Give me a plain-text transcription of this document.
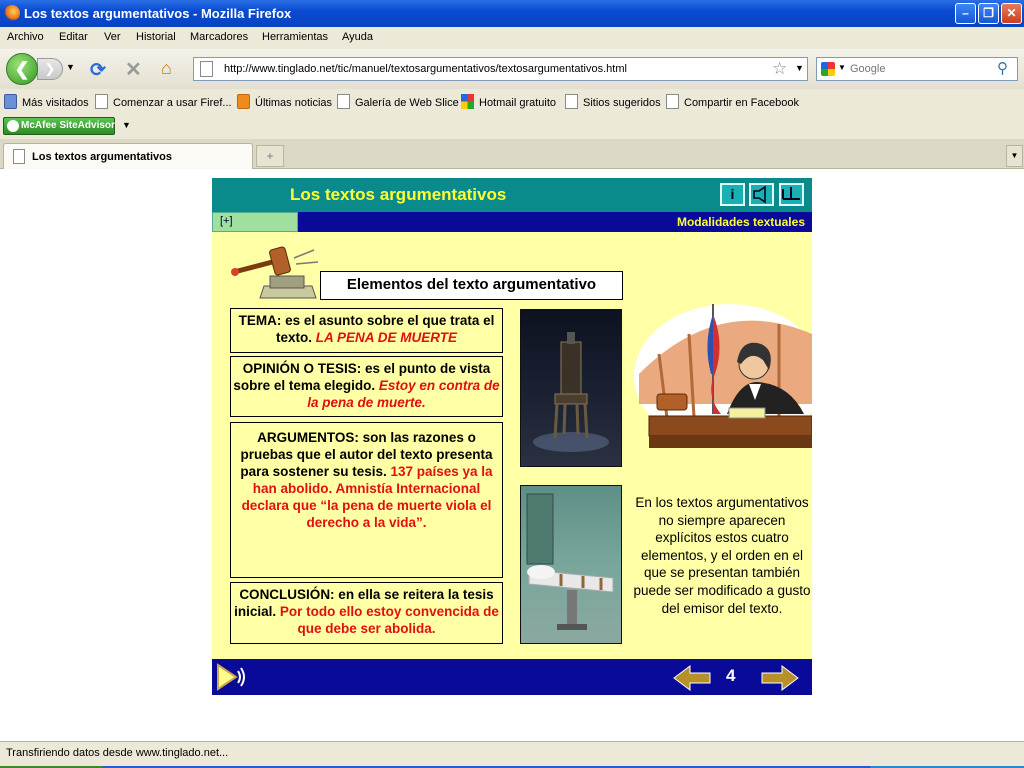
Los textos argumentativos - Mozilla Firefox	–	❐	✕
Archivo Editar Ver Historial Marcadores Herramientas Ayuda
❯
❮	▼ ⟳ ✕ ⌂	http://www.tinglado.net/tic/manuel/textosargumentativos/textosargumentativos.html	☆ ▼	▼
Google	⚲
Más visitados	Comenzar a usar Firef...	Últimas noticias	Galería de Web Slice	Hotmail gratuito	Sitios sugeridos	Compartir en Facebook
McAfee SiteAdvisor ▼
Los textos argumentativos	+	▼
Los textos argumentativos	i
[+]	Modalidades textuales
Elementos del texto argumentativo
TEMA: es el asunto sobre el que trata el texto. LA PENA DE MUERTE
OPINIÓN O TESIS: es el punto de vista sobre el tema elegido. Estoy en contra de la pena de muerte.
ARGUMENTOS: son las razones o pruebas que el autor del texto presenta para sostener su tesis. 137 países ya la han abolido. Amnistía Internacional declara que “la pena de muerte viola el derecho a la vida”.
CONCLUSIÓN: en ella se reitera la tesis inicial. Por todo ello estoy convencida de que debe ser abolida.
En los textos argumentativos no siempre aparecen explícitos estos cuatro elementos, y el orden en el que se presentan también puede ser modificado a gusto del emisor del texto.
4
Transfiriendo datos desde www.tinglado.net...
